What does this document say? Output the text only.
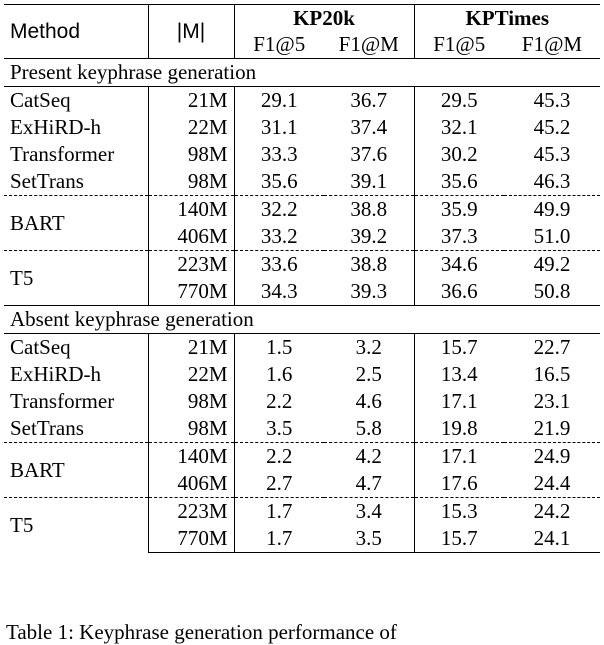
Method	|M|	KP20k		KPTimes	
		F1@5	F1@M	F1@5	F1@M
Present keyphrase generation					
CatSeq	21M	29.1	36.7	29.5	45.3
ExHiRD-h	22M	31.1	37.4	32.1	45.2
Transformer	98M	33.3	37.6	30.2	45.3
SetTrans	98M	35.6	39.1	35.6	46.3
BART	140M	32.2	38.8	35.9	49.9
	406M	33.2	39.2	37.3	51.0
T5	223M	33.6	38.8	34.6	49.2
	770M	34.3	39.3	36.6	50.8
Absent keyphrase generation					
CatSeq	21M	1.5	3.2	15.7	22.7
ExHiRD-h	22M	1.6	2.5	13.4	16.5
Transformer	98M	2.2	4.6	17.1	23.1
SetTrans	98M	3.5	5.8	19.8	21.9
BART	140M	2.2	4.2	17.1	24.9
	406M	2.7	4.7	17.6	24.4
T5	223M	1.7	3.4	15.3	24.2
	770M	1.7	3.5	15.7	24.1
Table 1: Keyphrase generation performance of
